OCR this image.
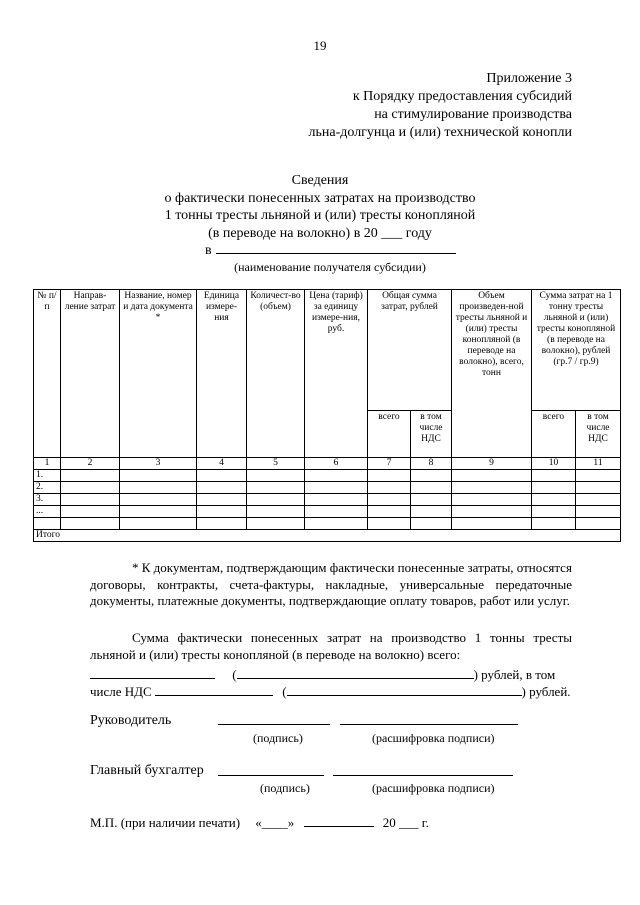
19
Приложение 3
к Порядку предоставления субсидий
на стимулирование производства
льна-долгунца и (или) технической конопли
Сведения
о фактически понесенных затратах на производство
1 тонны тресты льняной и (или) тресты конопляной
(в переводе на волокно) в 20 ___ году
в
(наименование получателя субсидии)
№ п/п	Направ-ление затрат	Название, номер и дата документа *	Единица измере-ния	Количест-во (объем)	Цена (тариф) за единицу измере-ния, руб.	Общая сумма затрат, рублей		Объем произведен-ной тресты льняной и (или) тресты конопляной (в переводе на волокно), всего, тонн	Сумма затрат на 1 тонну тресты льняной и (или) тресты конопляной (в переводе на волокно), рублей (гр.7 / гр.9)	
						всего	в том числе НДС		всего	в том числе НДС
1	2	3	4	5	6	7	8	9	10	11
1.										
2.										
3.										
...										

Итого										

* К документам, подтверждающим фактически понесенные затраты, относятся

договоры, контракты, счета-фактуры, накладные, универсальные передаточные документы, платежные документы, подтверждающие оплату товаров, работ или услуг.

Сумма фактически понесенных затрат на производство 1 тонны тресты льняной и (или) тресты конопляной (в переводе на волокно) всего:

(	) рублей, в том
числе НДС	(	) рублей.
Руководитель
(подпись)	(расшифровка подписи)
Главный бухгалтер
(подпись)	(расшифровка подписи)
М.П. (при наличии печати) «____»	20 ___ г.
